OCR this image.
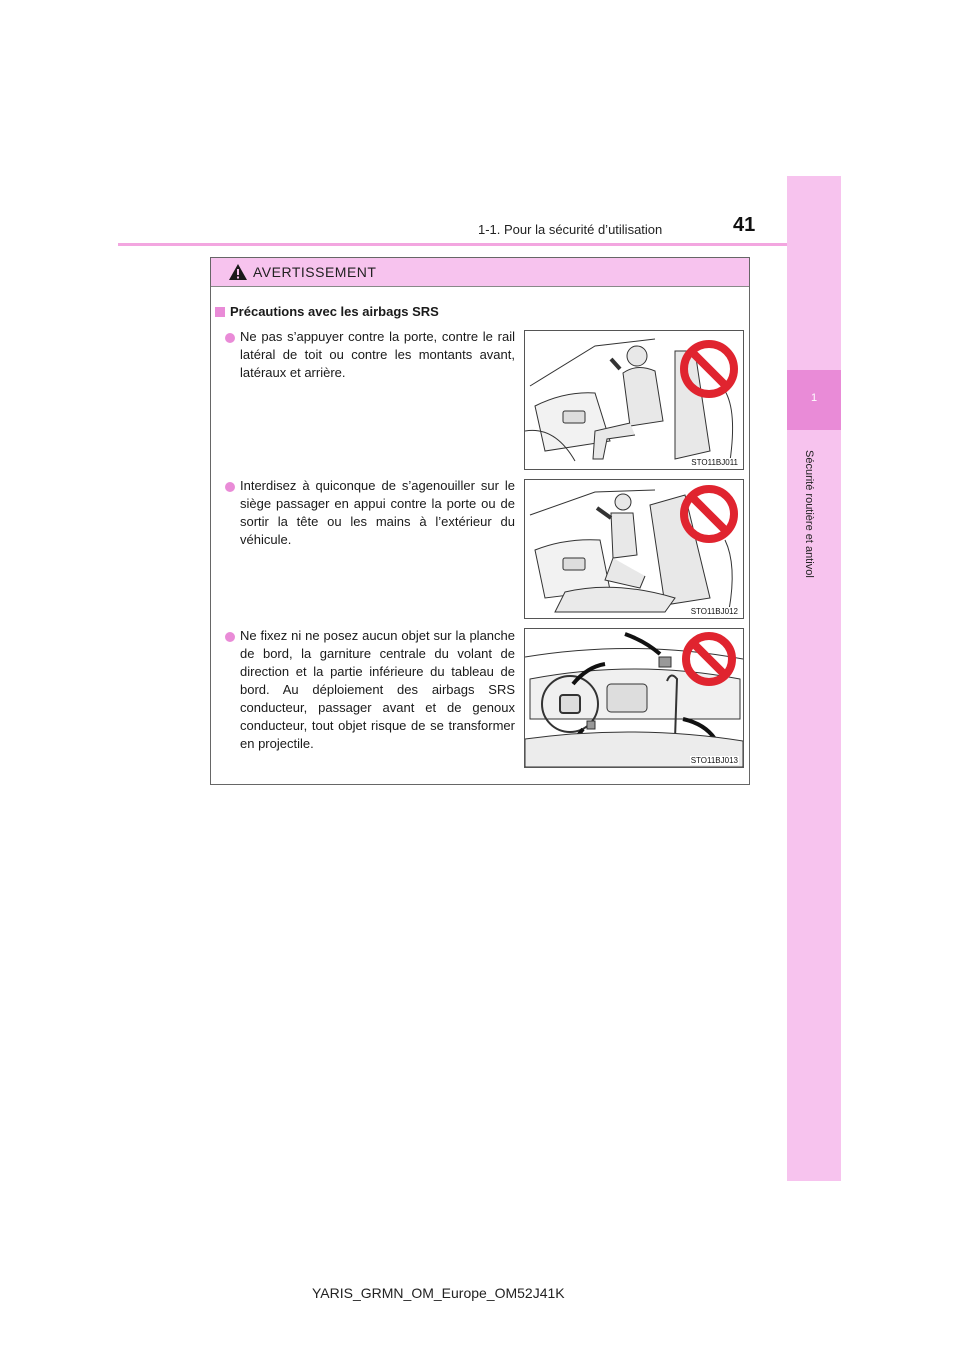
1-1. Pour la sécurité d’utilisation	41
1
Sécurité routière et antivol
AVERTISSEMENT
Précautions avec les airbags SRS
Ne pas s’appuyer contre la porte, contre le rail latéral de toit ou contre les montants avant, latéraux et arrière.
STO11BJ011
Interdisez à quiconque de s’agenouiller sur le siège passager en appui contre la porte ou de sortir la tête ou les mains à l’extérieur du véhicule.
STO11BJ012
Ne fixez ni ne posez aucun objet sur la planche de bord, la garniture centrale du volant de direction et la partie inférieure du tableau de bord. Au déploiement des airbags SRS conducteur, passager avant et de genoux conducteur, tout objet risque de se transformer en projectile.
STO11BJ013
YARIS_GRMN_OM_Europe_OM52J41K
